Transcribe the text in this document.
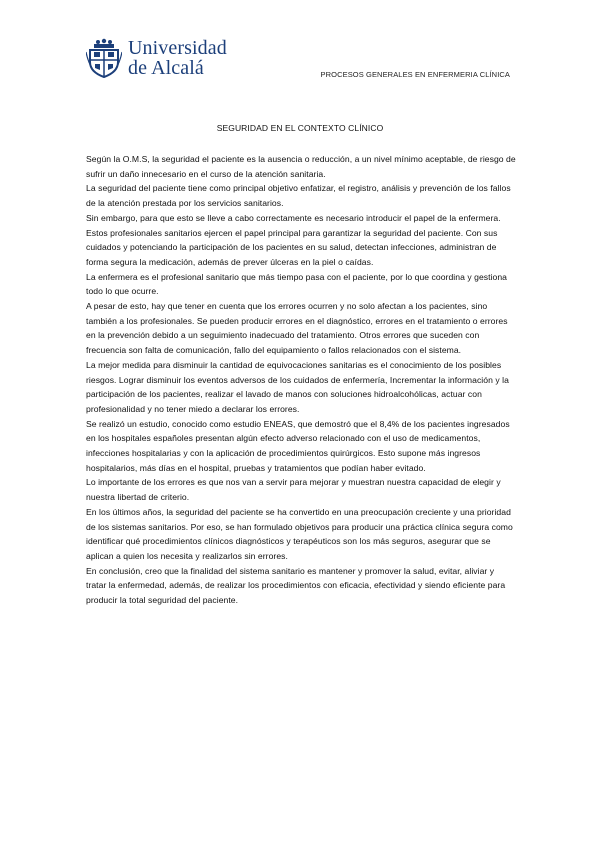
Universidad
de Alcalá	PROCESOS GENERALES EN ENFERMERIA CLÍNICA
SEGURIDAD EN EL CONTEXTO CLÍNICO

Según la O.M.S, la seguridad el paciente es la ausencia o reducción, a un nivel mínimo aceptable, de riesgo de sufrir un daño innecesario en el curso de la atención sanitaria.

La seguridad del paciente tiene como principal objetivo enfatizar, el registro, análisis y prevención de los fallos de la atención prestada por los servicios sanitarios.

Sin embargo, para que esto se lleve a cabo correctamente es necesario introducir el papel de la enfermera. Estos profesionales sanitarios ejercen el papel principal para garantizar la seguridad del paciente. Con sus cuidados y potenciando la participación de los pacientes en su salud, detectan infecciones, administran de forma segura la medicación, además de prever úlceras en la piel o caídas.

La enfermera es el profesional sanitario que más tiempo pasa con el paciente, por lo que coordina y gestiona todo lo que ocurre.

A pesar de esto, hay que tener en cuenta que los errores ocurren y no solo afectan a los pacientes, sino también a los profesionales. Se pueden producir errores en el diagnóstico, errores en el tratamiento o errores en la prevención debido a un seguimiento inadecuado del tratamiento. Otros errores que suceden con frecuencia son falta de comunicación, fallo del equipamiento o fallos relacionados con el sistema.

La mejor medida para disminuir la cantidad de equivocaciones sanitarias es el conocimiento de los posibles riesgos. Lograr disminuir los eventos adversos de los cuidados de enfermería, Incrementar la información y la participación de los pacientes, realizar el lavado de manos con soluciones hidroalcohólicas, actuar con profesionalidad y no tener miedo a declarar los errores.

Se realizó un estudio, conocido como estudio ENEAS, que demostró que el 8,4% de los pacientes ingresados en los hospitales españoles presentan algún efecto adverso relacionado con el uso de medicamentos, infecciones hospitalarias y con la aplicación de procedimientos quirúrgicos. Esto supone más ingresos hospitalarios, más días en el hospital, pruebas y tratamientos que podían haber evitado.

Lo importante de los errores es que nos van a servir para mejorar y muestran nuestra capacidad de elegir y nuestra libertad de criterio.

En los últimos años, la seguridad del paciente se ha convertido en una preocupación creciente y una prioridad de los sistemas sanitarios. Por eso, se han formulado objetivos para producir una práctica clínica segura como identificar qué procedimientos clínicos diagnósticos y terapéuticos son los más seguros, asegurar que se aplican a quien los necesita y realizarlos sin errores.

En conclusión, creo que la finalidad del sistema sanitario es mantener y promover la salud, evitar, aliviar y tratar la enfermedad, además, de realizar los procedimientos con eficacia, efectividad y siendo eficiente para producir la total seguridad del paciente.
